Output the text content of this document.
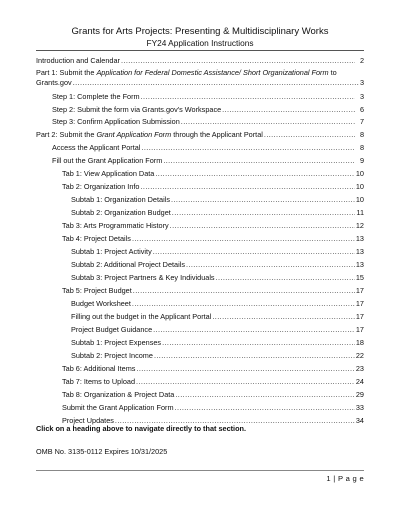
Grants for Arts Projects: Presenting & Multidisciplinary Works
FY24 Application Instructions
Introduction and Calendar .....	2
Part 1: Submit the Application for Federal Domestic Assistance/ Short Organizational Form to
Grants.gov .....	3
Step 1: Complete the Form .....	3
Step 2: Submit the form via Grants.gov's Workspace .....	6
Step 3: Confirm Application Submission .....	7
Part 2: Submit the Grant Application Form through the Applicant Portal .....	8
Access the Applicant Portal .....	8
Fill out the Grant Application Form .....	9
Tab 1: View Application Data .....	10
Tab 2: Organization Info .....	10
Subtab 1: Organization Details .....	10
Subtab 2: Organization Budget .....	11
Tab 3: Arts Programmatic History .....	12
Tab 4: Project Details .....	13
Subtab 1: Project Activity .....	13
Subtab 2: Additional Project Details .....	13
Subtab 3: Project Partners & Key Individuals .....	15
Tab 5: Project Budget .....	17
Budget Worksheet .....	17
Filling out the budget in the Applicant Portal .....	17
Project Budget Guidance .....	17
Subtab 1: Project Expenses .....	18
Subtab 2: Project Income .....	22
Tab 6: Additional Items .....	23
Tab 7: Items to Upload .....	24
Tab 8: Organization & Project Data .....	29
Submit the Grant Application Form .....	33
Project Updates .....	34
Click on a heading above to navigate directly to that section.
OMB No. 3135-0112 Expires 10/31/2025
1 | P a g e
